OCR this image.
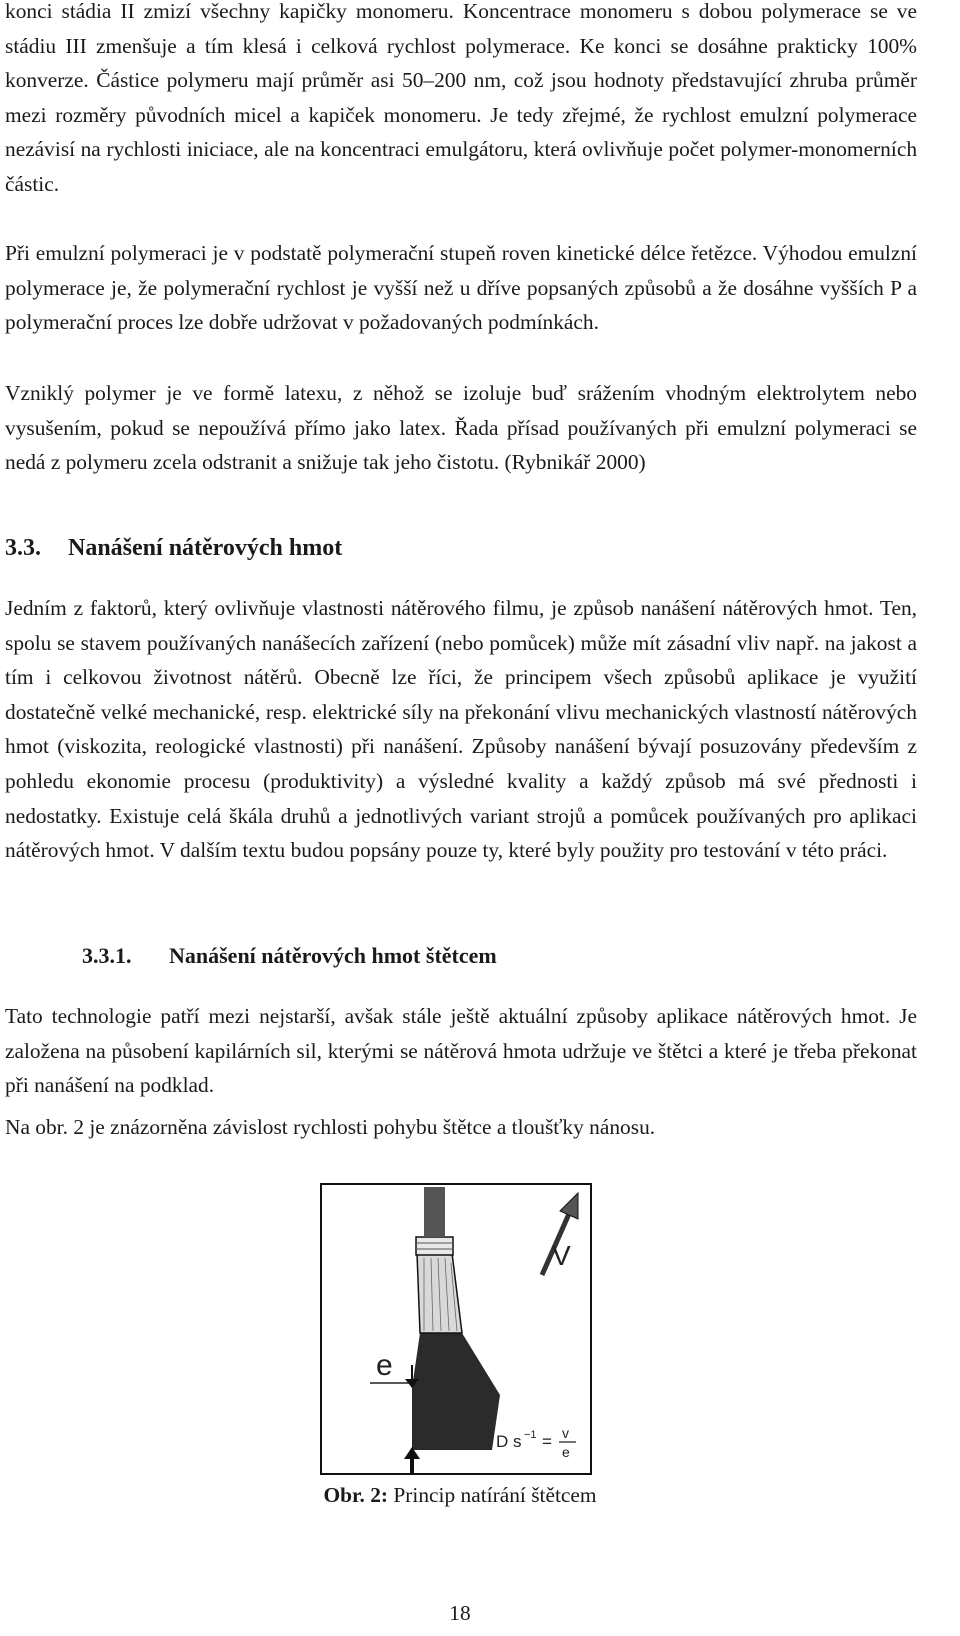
konci stádia II zmizí všechny kapičky monomeru. Koncentrace monomeru s dobou polymerace se ve stádiu III zmenšuje a tím klesá i celková rychlost polymerace. Ke konci se dosáhne prakticky 100% konverze. Částice polymeru mají průměr asi 50–200 nm, což jsou hodnoty představující zhruba průměr mezi rozměry původních micel a kapiček monomeru. Je tedy zřejmé, že rychlost emulzní polymerace nezávisí na rychlosti iniciace, ale na koncentraci emulgátoru, která ovlivňuje počet polymer-monomerních částic.

Při emulzní polymeraci je v podstatě polymerační stupeň roven kinetické délce řetězce. Výhodou emulzní polymerace je, že polymerační rychlost je vyšší než u dříve popsaných způsobů a že dosáhne vyšších P a polymerační proces lze dobře udržovat v požadovaných podmínkách.

Vzniklý polymer je ve formě latexu, z něhož se izoluje buď srážením vhodným elektrolytem nebo vysušením, pokud se nepoužívá přímo jako latex. Řada přísad používaných při emulzní polymeraci se nedá z polymeru zcela odstranit a snižuje tak jeho čistotu. (Rybnikář 2000)

3.3. Nanášení nátěrových hmot

Jedním z faktorů, který ovlivňuje vlastnosti nátěrového filmu, je způsob nanášení nátěrových hmot. Ten, spolu se stavem používaných nanášecích zařízení (nebo pomůcek) může mít zásadní vliv např. na jakost a tím i celkovou životnost nátěrů. Obecně lze říci, že principem všech způsobů aplikace je využití dostatečně velké mechanické, resp. elektrické síly na překonání vlivu mechanických vlastností nátěrových hmot (viskozita, reologické vlastnosti) při nanášení. Způsoby nanášení bývají posuzovány především z pohledu ekonomie procesu (produktivity) a výsledné kvality a každý způsob má své přednosti i nedostatky. Existuje celá škála druhů a jednotlivých variant strojů a pomůcek používaných pro aplikaci nátěrových hmot. V dalším textu budou popsány pouze ty, které byly použity pro testování v této práci.

3.3.1. Nanášení nátěrových hmot štětcem

Tato technologie patří mezi nejstarší, avšak stále ještě aktuální způsoby aplikace nátěrových hmot. Je založena na působení kapilárních sil, kterými se nátěrová hmota udržuje ve štětci a které je třeba překonat při nanášení na podklad.

Na obr. 2 je znázorněna závislost rychlosti pohybu štětce a tloušťky nánosu.

V
e
D s −1 = v
e
Obr. 2: Princip natírání štětcem
18
